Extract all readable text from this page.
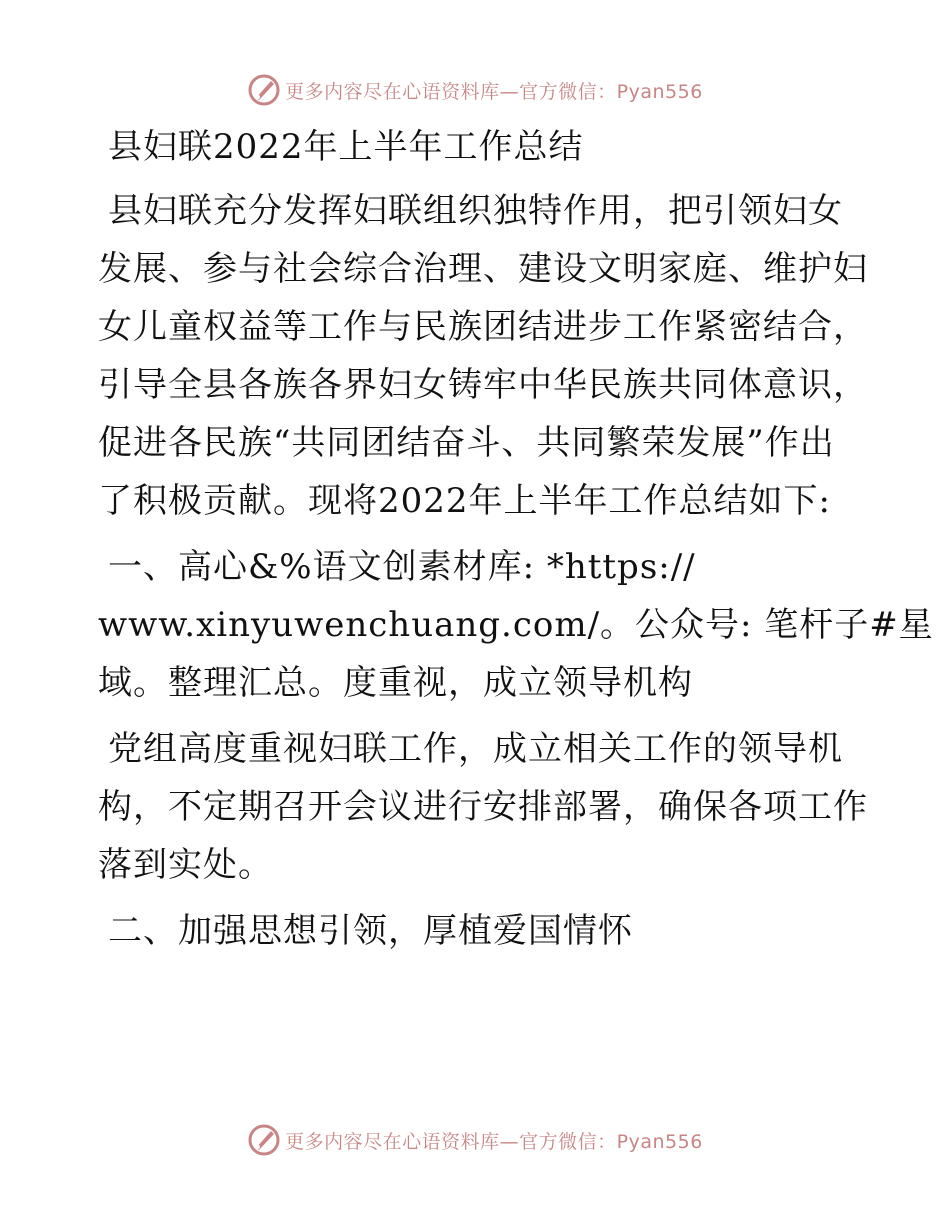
更多内容尽在心语资料库—官方微信：Pyan556
县妇联2022年上半年工作总结
县妇联充分发挥妇联组织独特作用，把引领妇女
发展、参与社会综合治理、建设文明家庭、维护妇
女儿童权益等工作与民族团结进步工作紧密结合，
引导全县各族各界妇女铸牢中华民族共同体意识，
促进各民族“共同团结奋斗、共同繁荣发展”作出
了积极贡献。现将2022年上半年工作总结如下:
一、高心&%语文创素材库: *https://
www.xinyuwenchuang.com/。公众号: 笔杆子#星
域。整理汇总。度重视，成立领导机构
党组高度重视妇联工作，成立相关工作的领导机
构，不定期召开会议进行安排部署，确保各项工作
落到实处。
二、加强思想引领，厚植爱国情怀
更多内容尽在心语资料库—官方微信：Pyan556
